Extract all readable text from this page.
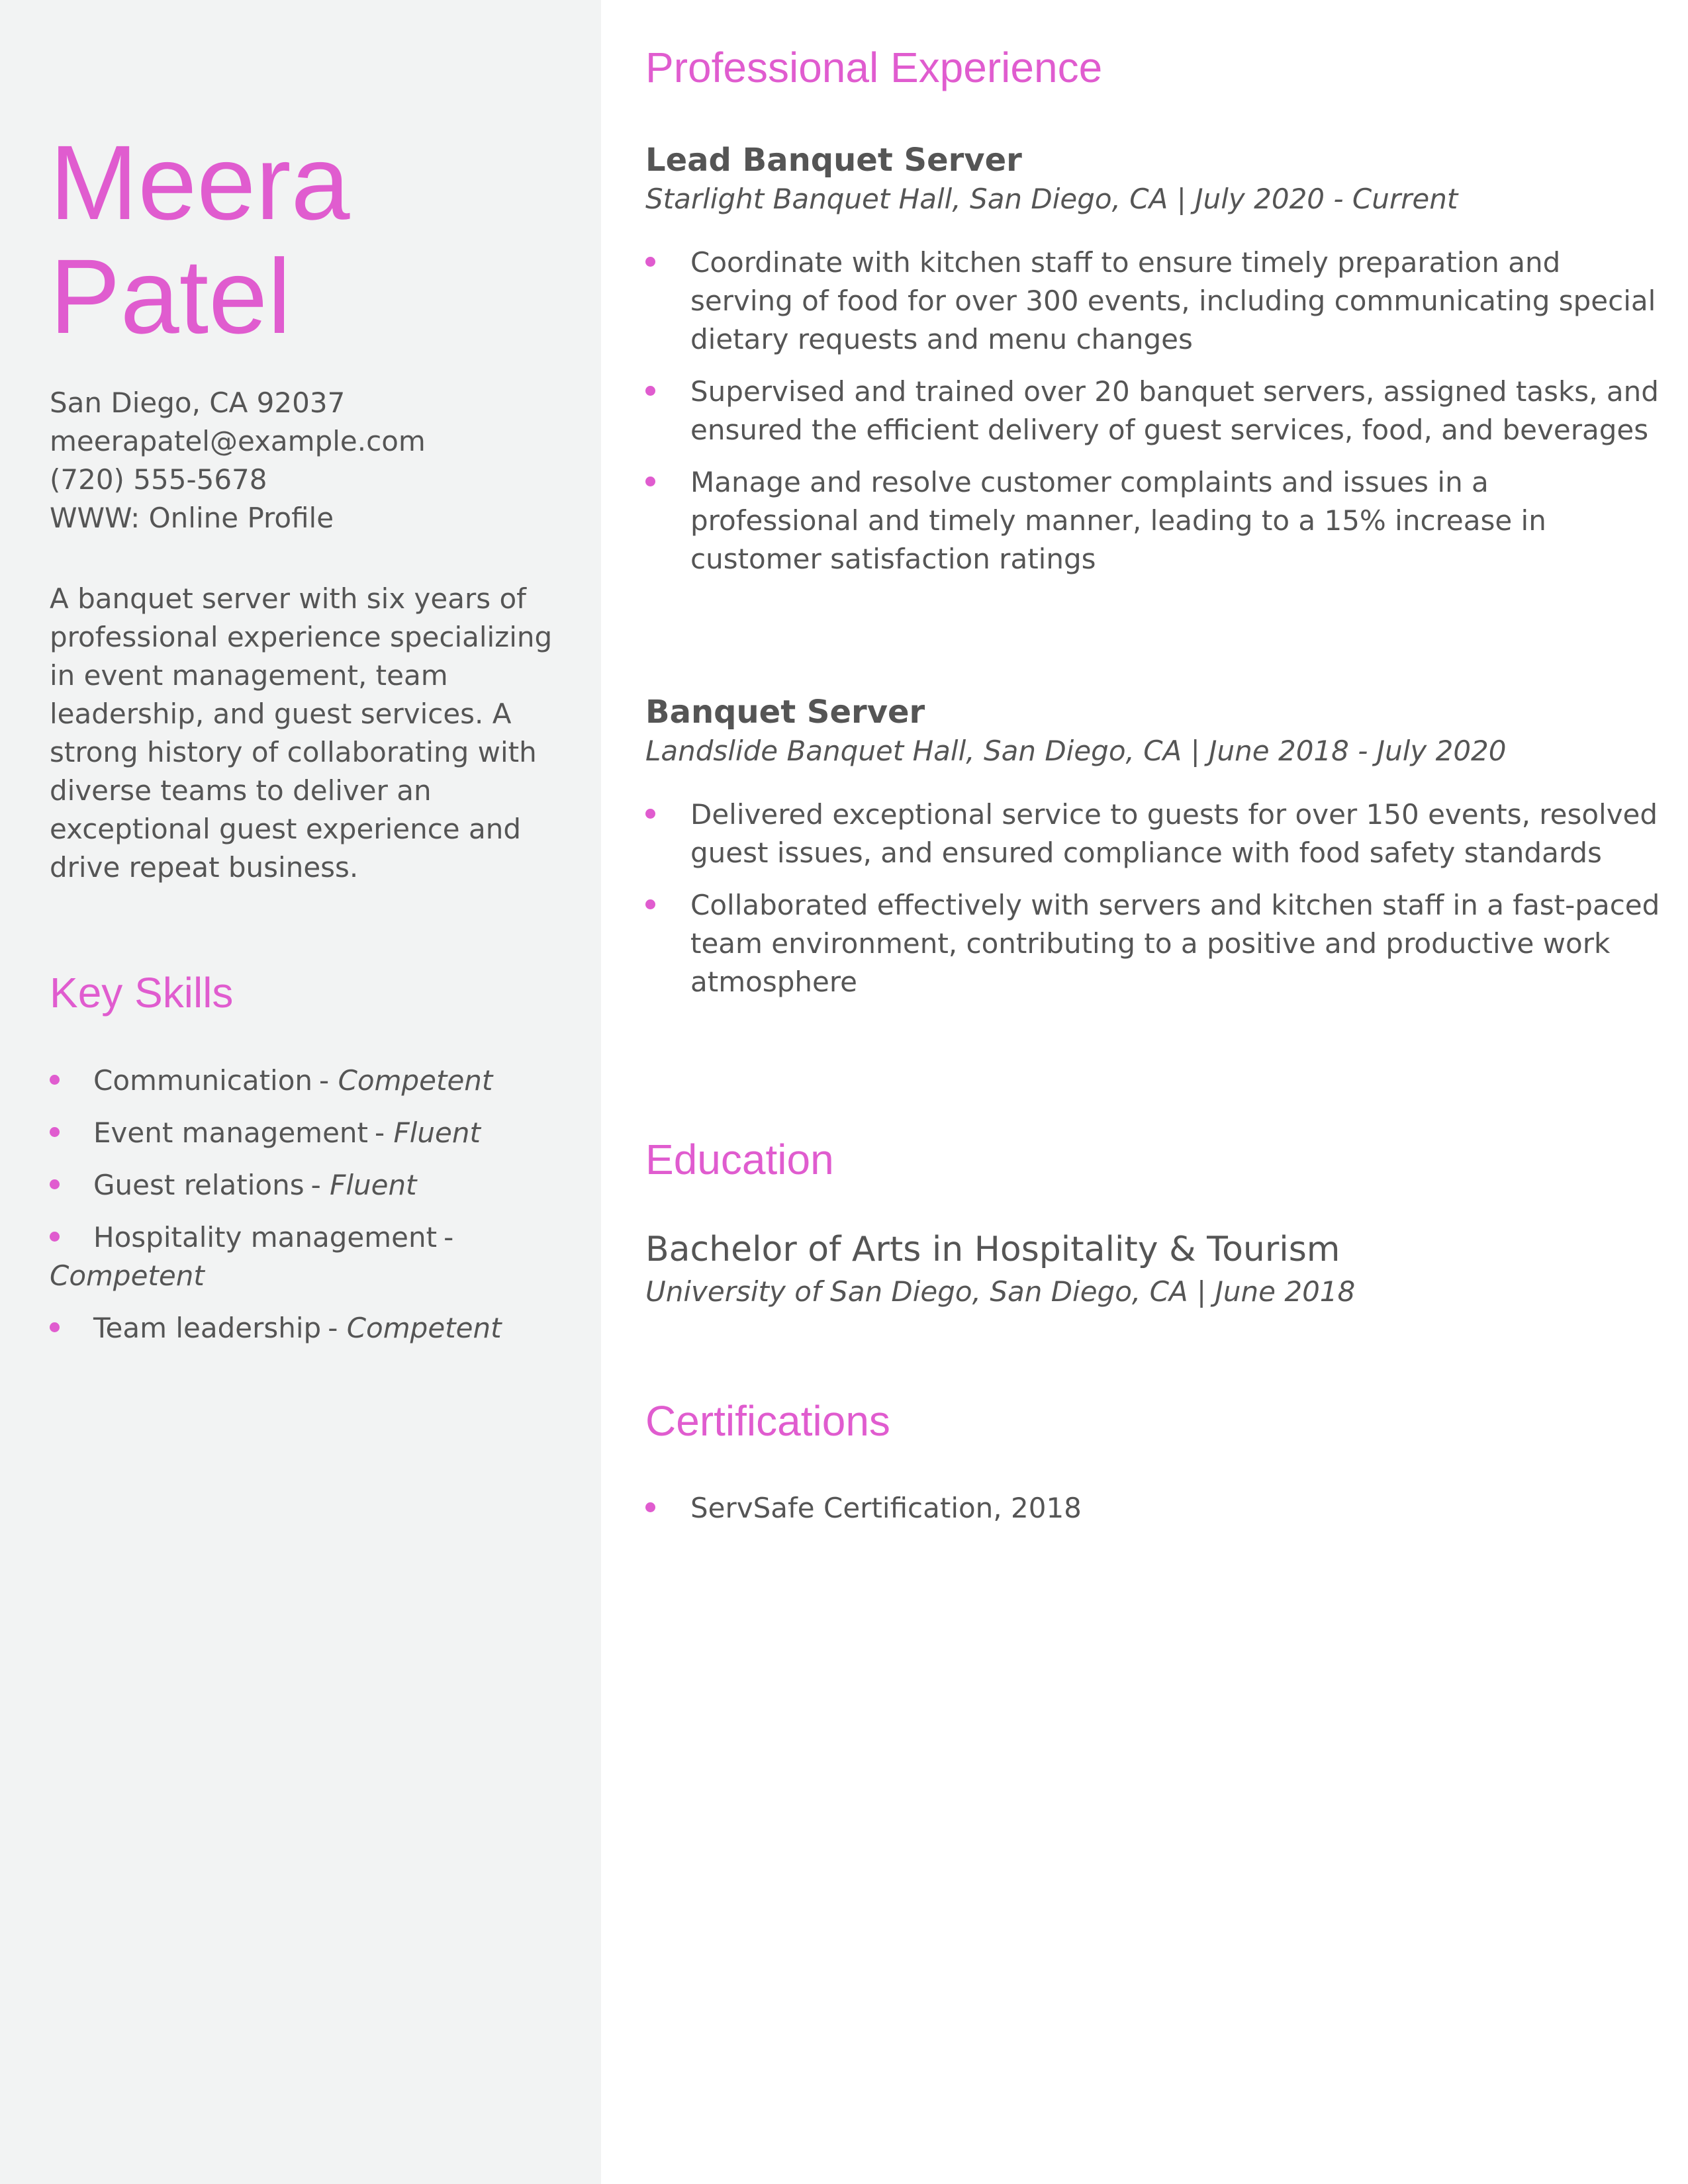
Meera
Patel
San Diego, CA 92037
meerapatel@example.com
(720) 555-5678
WWW: Online Profile
A banquet server with six years of professional experience specializing in event management, team leadership, and guest services. A strong history of collaborating with diverse teams to deliver an exceptional guest experience and drive repeat business.
Key Skills
Communication - Competent
Event management - Fluent
Guest relations - Fluent
Hospitality management -
Competent
Team leadership - Competent
Professional Experience
Lead Banquet Server
Starlight Banquet Hall, San Diego, CA | July 2020 - Current
Coordinate with kitchen staff to ensure timely preparation and serving of food for over 300 events, including communicating special dietary requests and menu changes
Supervised and trained over 20 banquet servers, assigned tasks, and ensured the efficient delivery of guest services, food, and beverages
Manage and resolve customer complaints and issues in a professional and timely manner, leading to a 15% increase in customer satisfaction ratings
Banquet Server
Landslide Banquet Hall, San Diego, CA | June 2018 - July 2020
Delivered exceptional service to guests for over 150 events, resolved guest issues, and ensured compliance with food safety standards
Collaborated effectively with servers and kitchen staff in a fast-paced team environment, contributing to a positive and productive work atmosphere
Education

Bachelor of Arts in Hospitality & Tourism

University of San Diego, San Diego, CA | June 2018
Certifications
ServSafe Certification, 2018
